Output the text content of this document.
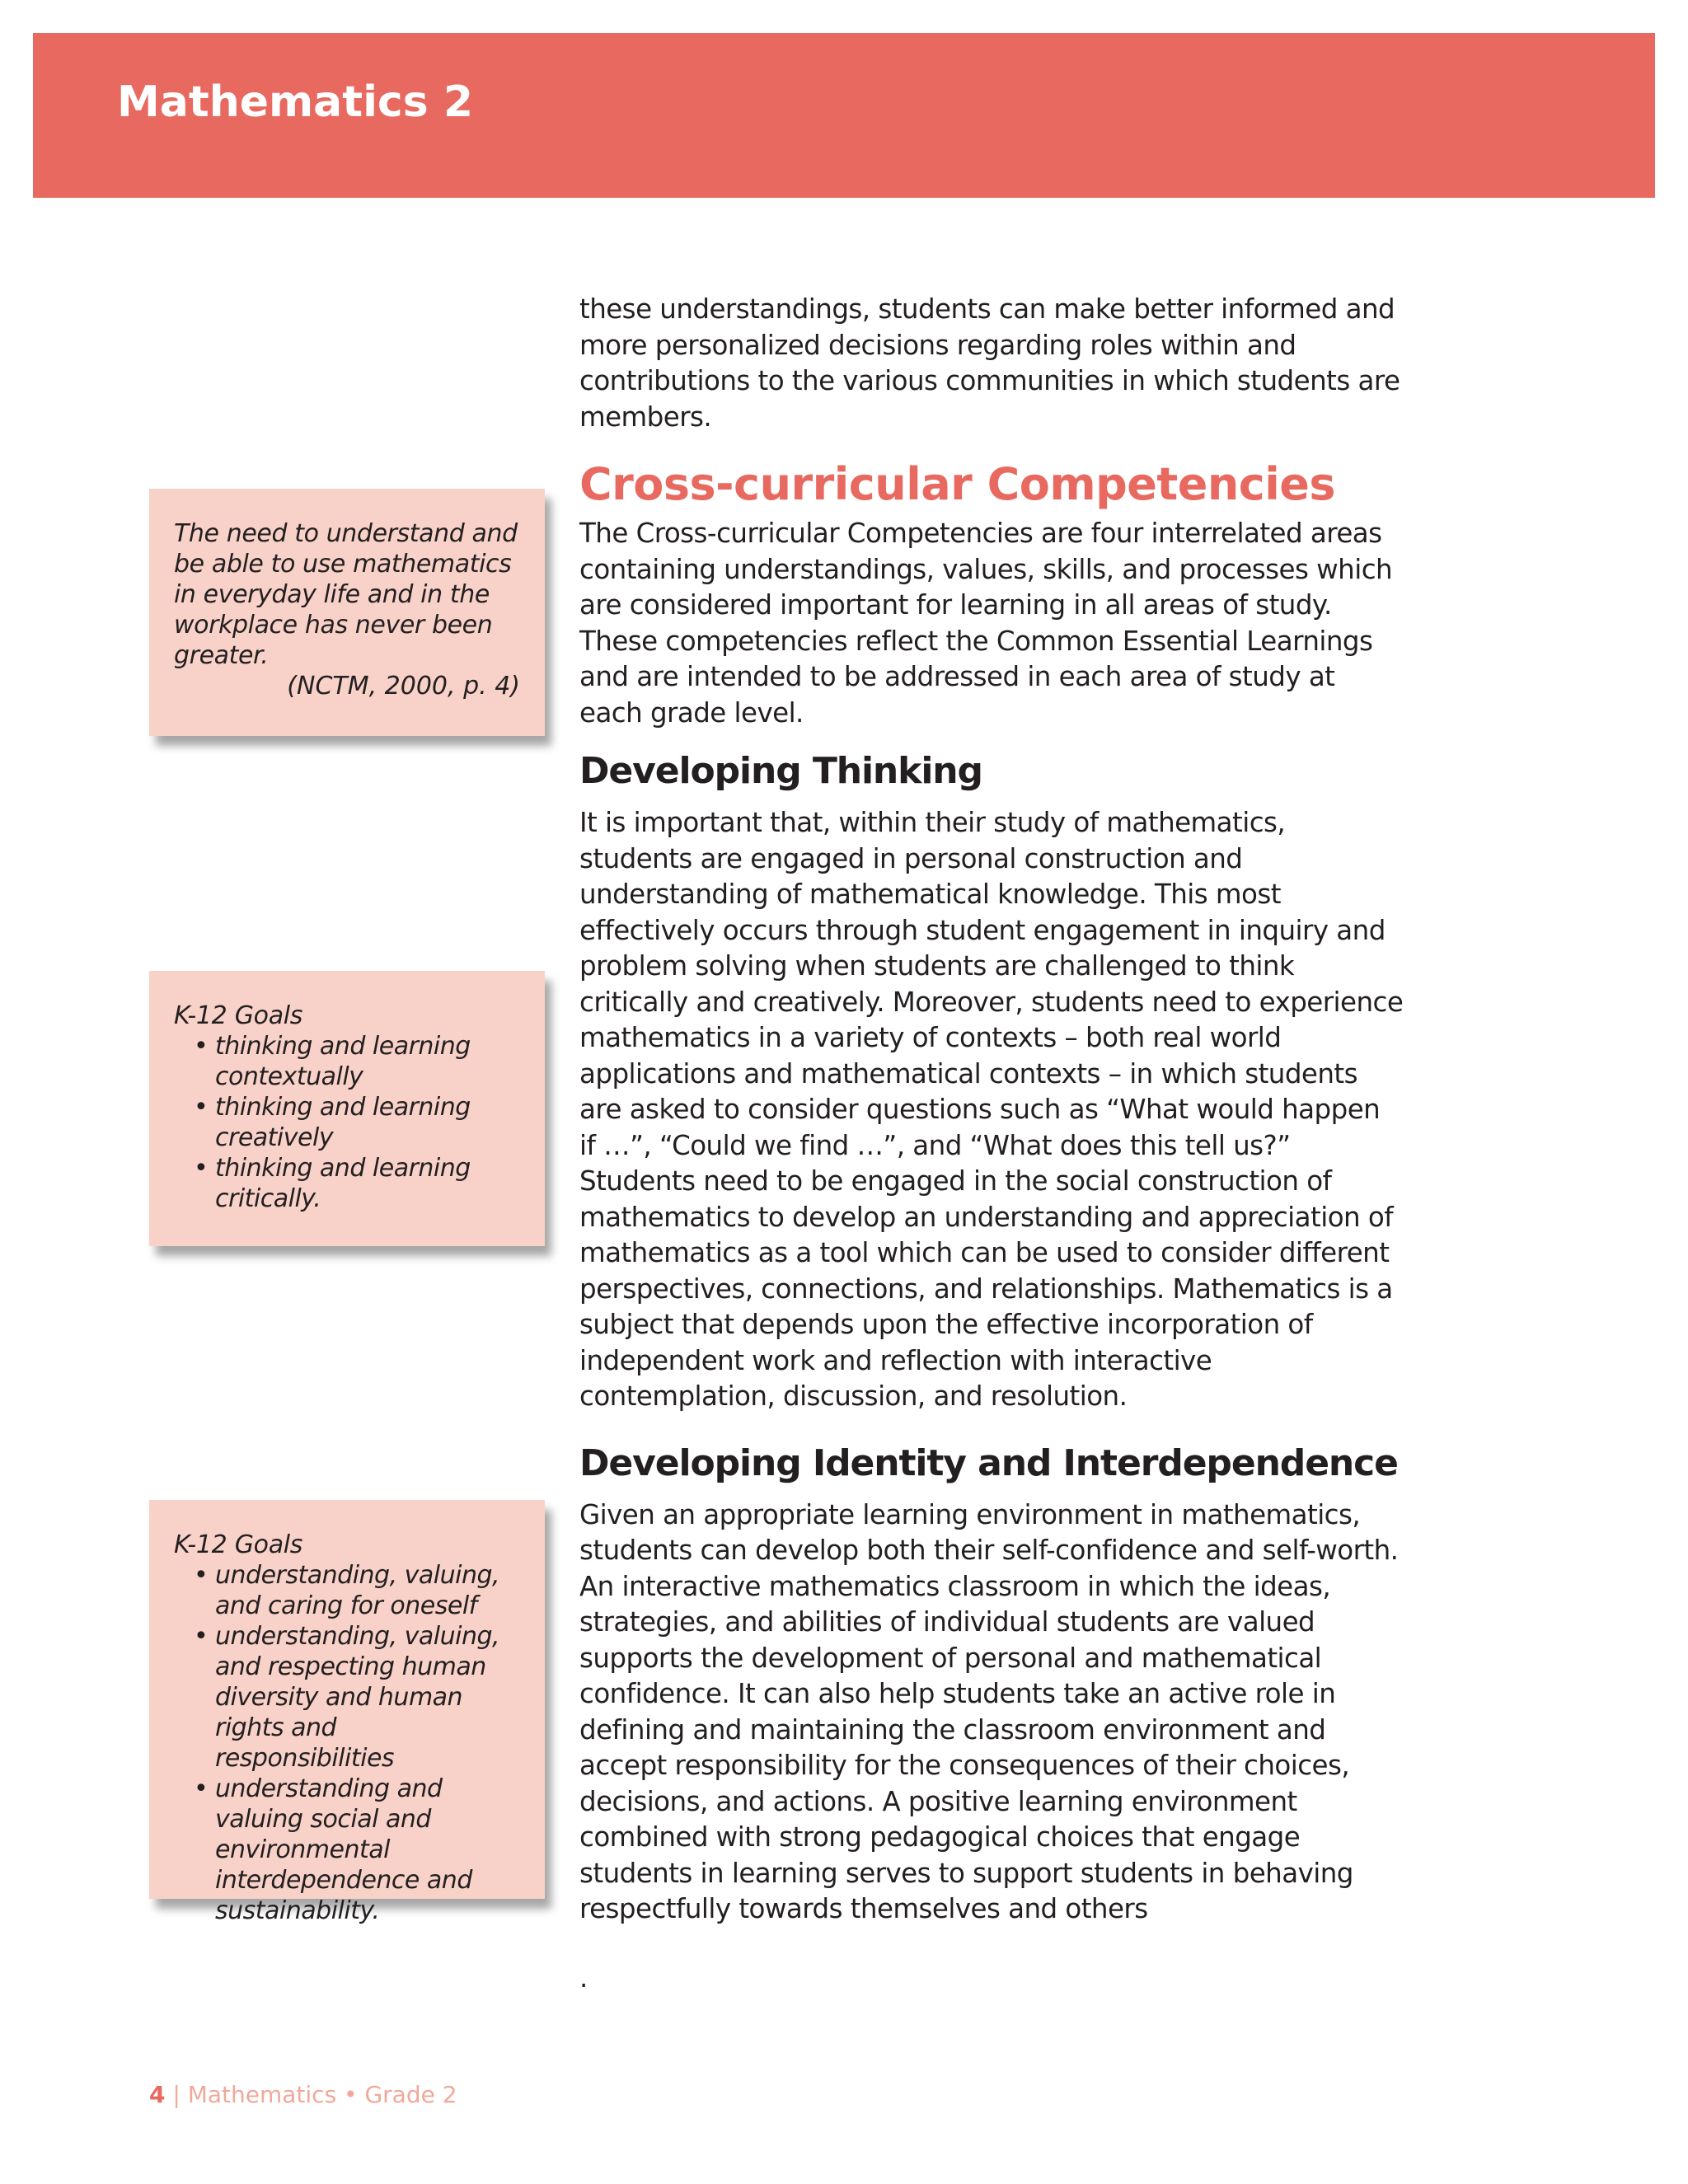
Mathematics 2

The need to understand and be able to use mathematics in everyday life and in the workplace has never been greater.

(NCTM, 2000, p. 4)

K-12 Goals

• thinking and learning contextually
• thinking and learning creatively
• thinking and learning critically.

K-12 Goals

• understanding, valuing, and caring for oneself
• understanding, valuing, and respecting human diversity and human rights and responsibilities
• understanding and valuing social and environmental interdependence and sustainability.

these understandings, students can make better informed and more personalized decisions regarding roles within and contributions to the various communities in which students are members.

Cross-curricular Competencies

The Cross-curricular Competencies are four interrelated areas containing understandings, values, skills, and processes which are considered important for learning in all areas of study. These competencies reflect the Common Essential Learnings and are intended to be addressed in each area of study at each grade level.

Developing Thinking

It is important that, within their study of mathematics, students are engaged in personal construction and understanding of mathematical knowledge. This most effectively occurs through student engagement in inquiry and problem solving when students are challenged to think critically and creatively. Moreover, students need to experience mathematics in a variety of contexts – both real world applications and mathematical contexts – in which students are asked to consider questions such as “What would happen if …”, “Could we find …”, and “What does this tell us?” Students need to be engaged in the social construction of mathematics to develop an understanding and appreciation of mathematics as a tool which can be used to consider different perspectives, connections, and relationships. Mathematics is a subject that depends upon the effective incorporation of independent work and reflection with interactive contemplation, discussion, and resolution.

Developing Identity and Interdependence

Given an appropriate learning environment in mathematics, students can develop both their self-confidence and self-worth. An interactive mathematics classroom in which the ideas, strategies, and abilities of individual students are valued supports the development of personal and mathematical confidence. It can also help students take an active role in defining and maintaining the classroom environment and accept responsibility for the consequences of their choices, decisions, and actions. A positive learning environment combined with strong pedagogical choices that engage students in learning serves to support students in behaving respectfully towards themselves and others

.

4 | Mathematics • Grade 2
